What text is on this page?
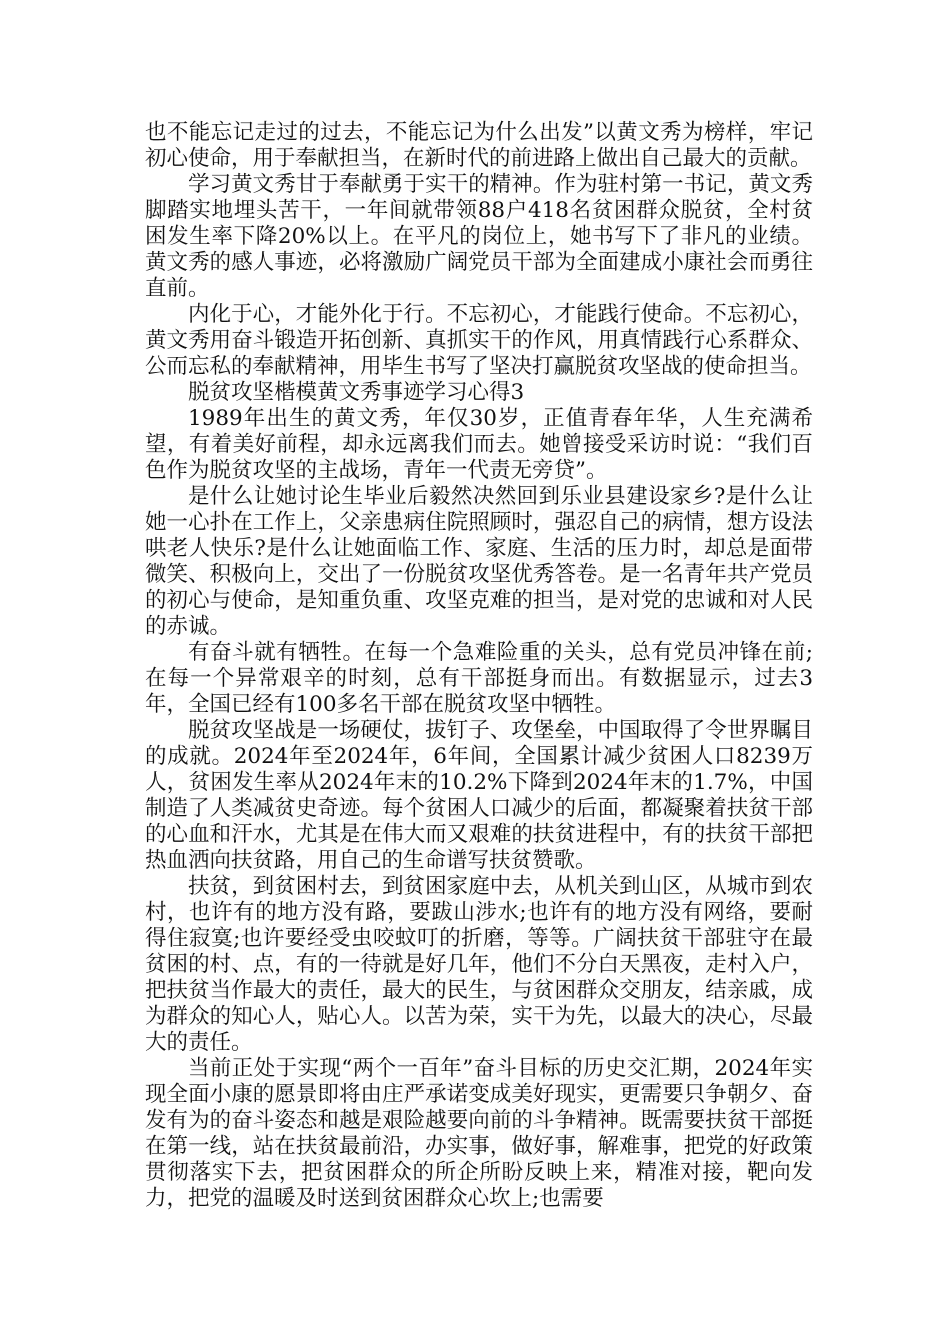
也不能忘记走过的过去，不能忘记为什么出发”以黄文秀为榜样，牢记初心使命，用于奉献担当，在新时代的前进路上做出自己最大的贡献。

学习黄文秀甘于奉献勇于实干的精神。作为驻村第一书记，黄文秀脚踏实地埋头苦干，一年间就带领88户418名贫困群众脱贫，全村贫困发生率下降20%以上。在平凡的岗位上，她书写下了非凡的业绩。黄文秀的感人事迹，必将激励广阔党员干部为全面建成小康社会而勇往直前。

内化于心，才能外化于行。不忘初心，才能践行使命。不忘初心，黄文秀用奋斗锻造开拓创新、真抓实干的作风，用真情践行心系群众、公而忘私的奉献精神，用毕生书写了坚决打赢脱贫攻坚战的使命担当。

脱贫攻坚楷模黄文秀事迹学习心得3

1989年出生的黄文秀，年仅30岁，正值青春年华，人生充满希望，有着美好前程，却永远离我们而去。她曾接受采访时说：“我们百色作为脱贫攻坚的主战场，青年一代责无旁贷”。

是什么让她讨论生毕业后毅然决然回到乐业县建设家乡?是什么让她一心扑在工作上，父亲患病住院照顾时，强忍自己的病情，想方设法哄老人快乐?是什么让她面临工作、家庭、生活的压力时，却总是面带微笑、积极向上，交出了一份脱贫攻坚优秀答卷。是一名青年共产党员的初心与使命，是知重负重、攻坚克难的担当，是对党的忠诚和对人民的赤诚。

有奋斗就有牺牲。在每一个急难险重的关头，总有党员冲锋在前;在每一个异常艰辛的时刻，总有干部挺身而出。有数据显示，过去3年，全国已经有100多名干部在脱贫攻坚中牺牲。

脱贫攻坚战是一场硬仗，拔钉子、攻堡垒，中国取得了令世界瞩目的成就。2024年至2024年，6年间，全国累计减少贫困人口8239万人，贫困发生率从2024年末的10.2%下降到2024年末的1.7%，中国制造了人类减贫史奇迹。每个贫困人口减少的后面，都凝聚着扶贫干部的心血和汗水，尤其是在伟大而又艰难的扶贫进程中，有的扶贫干部把热血洒向扶贫路，用自己的生命谱写扶贫赞歌。

扶贫，到贫困村去，到贫困家庭中去，从机关到山区，从城市到农村，也许有的地方没有路，要跋山涉水;也许有的地方没有网络，要耐得住寂寞;也许要经受虫咬蚊叮的折磨，等等。广阔扶贫干部驻守在最贫困的村、点，有的一待就是好几年，他们不分白天黑夜，走村入户，把扶贫当作最大的责任，最大的民生，与贫困群众交朋友，结亲戚，成为群众的知心人，贴心人。以苦为荣，实干为先，以最大的决心，尽最大的责任。

当前正处于实现“两个一百年”奋斗目标的历史交汇期，2024年实现全面小康的愿景即将由庄严承诺变成美好现实，更需要只争朝夕、奋发有为的奋斗姿态和越是艰险越要向前的斗争精神。既需要扶贫干部挺在第一线，站在扶贫最前沿，办实事，做好事，解难事，把党的好政策贯彻落实下去，把贫困群众的所企所盼反映上来，精准对接，靶向发力，把党的温暖及时送到贫困群众心坎上;也需要
